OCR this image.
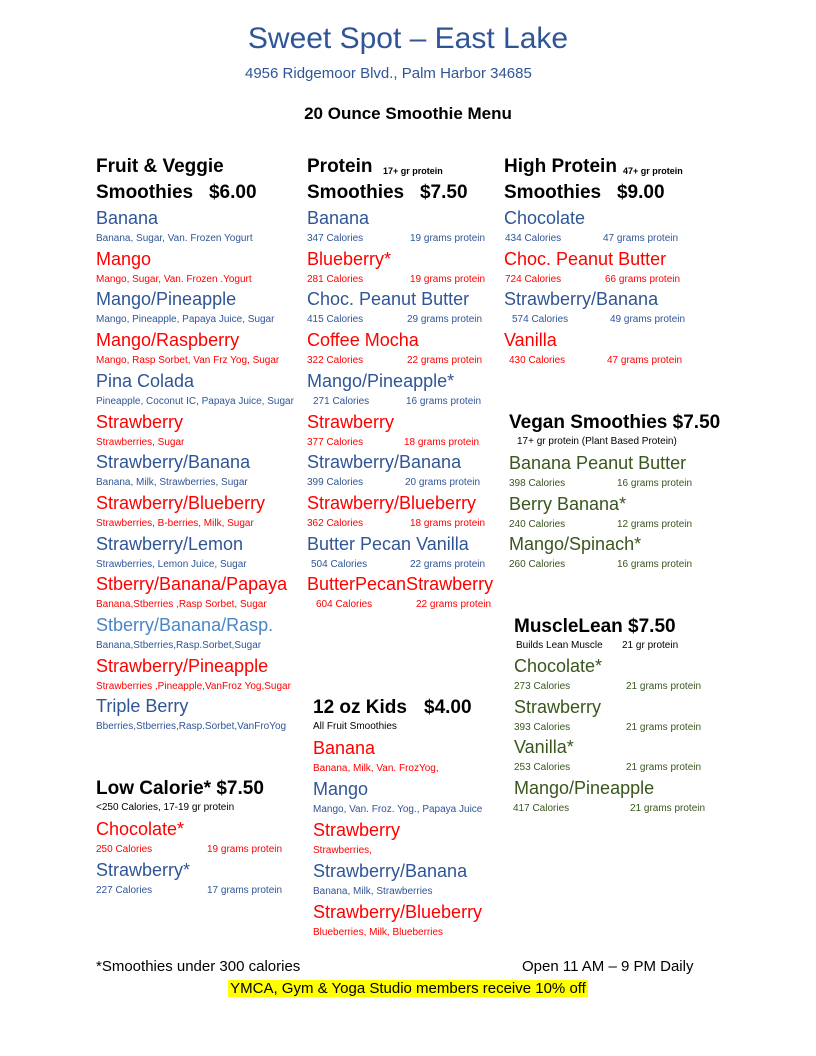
Sweet Spot – East Lake
4956 Ridgemoor Blvd., Palm Harbor 34685
20 Ounce Smoothie Menu
Fruit & Veggie
Smoothies   $6.00
Banana
Banana, Sugar, Van. Frozen Yogurt
Mango
Mango, Sugar, Van. Frozen .Yogurt
Mango/Pineapple
Mango, Pineapple, Papaya Juice, Sugar
Mango/Raspberry
Mango, Rasp Sorbet, Van Frz Yog, Sugar
Pina Colada
Pineapple, Coconut IC, Papaya Juice, Sugar
Strawberry
Strawberries, Sugar
Strawberry/Banana
Banana, Milk, Strawberries, Sugar
Strawberry/Blueberry
Strawberries, B-berries, Milk, Sugar
Strawberry/Lemon
Strawberries, Lemon Juice, Sugar
Stberry/Banana/Papaya
Banana,Stberries ,Rasp Sorbet, Sugar
Stberry/Banana/Rasp.
Banana,Stberries,Rasp.Sorbet,Sugar
Strawberry/Pineapple
Strawberries ,Pineapple,VanFroz Yog,Sugar
Triple Berry
Bberries,Stberries,Rasp.Sorbet,VanFroYog
Low Calorie* $7.50
<250 Calories, 17-19 gr protein
Chocolate*
250 Calories	19 grams protein
Strawberry*
227 Calories	17 grams protein
Protein 17+ gr protein
Smoothies   $7.50
Banana
347 Calories	19 grams protein
Blueberry*
281 Calories	19 grams protein
Choc. Peanut Butter
415 Calories	29 grams protein
Coffee Mocha
322 Calories	22 grams protein
Mango/Pineapple*
271 Calories	16 grams protein
Strawberry
377 Calories	18 grams protein
Strawberry/Banana
399 Calories	20 grams protein
Strawberry/Blueberry
362 Calories	18 grams protein
Butter Pecan Vanilla
504 Calories	22 grams protein
ButterPecanStrawberry
604 Calories	22 grams protein
12 oz Kids $4.00
All Fruit Smoothies
Banana
Banana, Milk, Van. FrozYog,
Mango
Mango, Van. Froz. Yog., Papaya Juice
Strawberry
Strawberries,
Strawberry/Banana
Banana, Milk, Strawberries
Strawberry/Blueberry
Blueberries, Milk, Blueberries
High Protein 47+ gr protein
Smoothies   $9.00
Chocolate
434 Calories	47 grams protein
Choc. Peanut Butter
724 Calories	66 grams protein
Strawberry/Banana
574 Calories	49 grams protein
Vanilla
430 Calories	47 grams protein
Vegan Smoothies $7.50
17+ gr protein (Plant Based Protein)
Banana Peanut Butter
398 Calories	16 grams protein
Berry Banana*
240 Calories	12 grams protein
Mango/Spinach*
260 Calories	16 grams protein
MuscleLean $7.50
Builds Lean Muscle 21 gr protein
Chocolate*
273 Calories	21 grams protein
Strawberry
393 Calories	21 grams protein
Vanilla*
253 Calories	21 grams protein
Mango/Pineapple
417 Calories	21 grams protein
*Smoothies under 300 calories	Open 11 AM – 9 PM Daily
YMCA, Gym & Yoga Studio members receive 10% off
